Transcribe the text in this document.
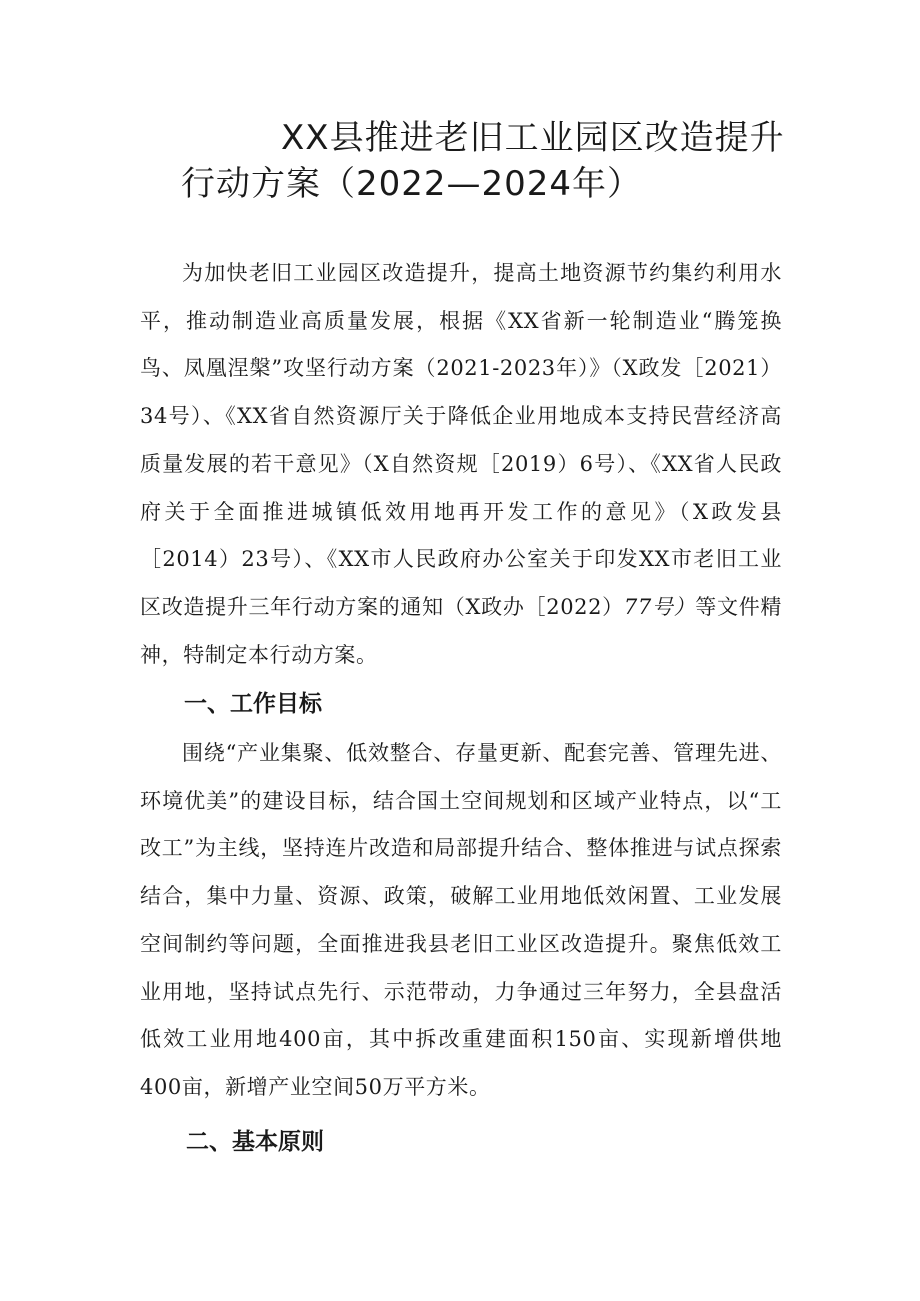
XX县推进老旧工业园区改造提升
行动方案（2022—2024年）

为加快老旧工业园区改造提升，提高土地资源节约集约利用水平，推动制造业高质量发展，根据《XX省新一轮制造业“腾笼换鸟、凤凰涅槃”攻坚行动方案（2021-2023年）》（X政发［2021）34号）、《XX省自然资源厅关于降低企业用地成本支持民营经济高质量发展的若干意见》（X自然资规［2019）6号）、《XX省人民政府关于全面推进城镇低效用地再开发工作的意见》（X政发县［2014）23号）、《XX市人民政府办公室关于印发XX市老旧工业区改造提升三年行动方案的通知（X政办［2022）77号）等文件精神，特制定本行动方案。

一、工作目标

围绕“产业集聚、低效整合、存量更新、配套完善、管理先进、环境优美”的建设目标，结合国土空间规划和区域产业特点，以“工改工”为主线，坚持连片改造和局部提升结合、整体推进与试点探索结合，集中力量、资源、政策，破解工业用地低效闲置、工业发展空间制约等问题，全面推进我县老旧工业区改造提升。聚焦低效工业用地，坚持试点先行、示范带动，力争通过三年努力，全县盘活低效工业用地400亩，其中拆改重建面积150亩、实现新增供地400亩，新增产业空间50万平方米。

二、基本原则
